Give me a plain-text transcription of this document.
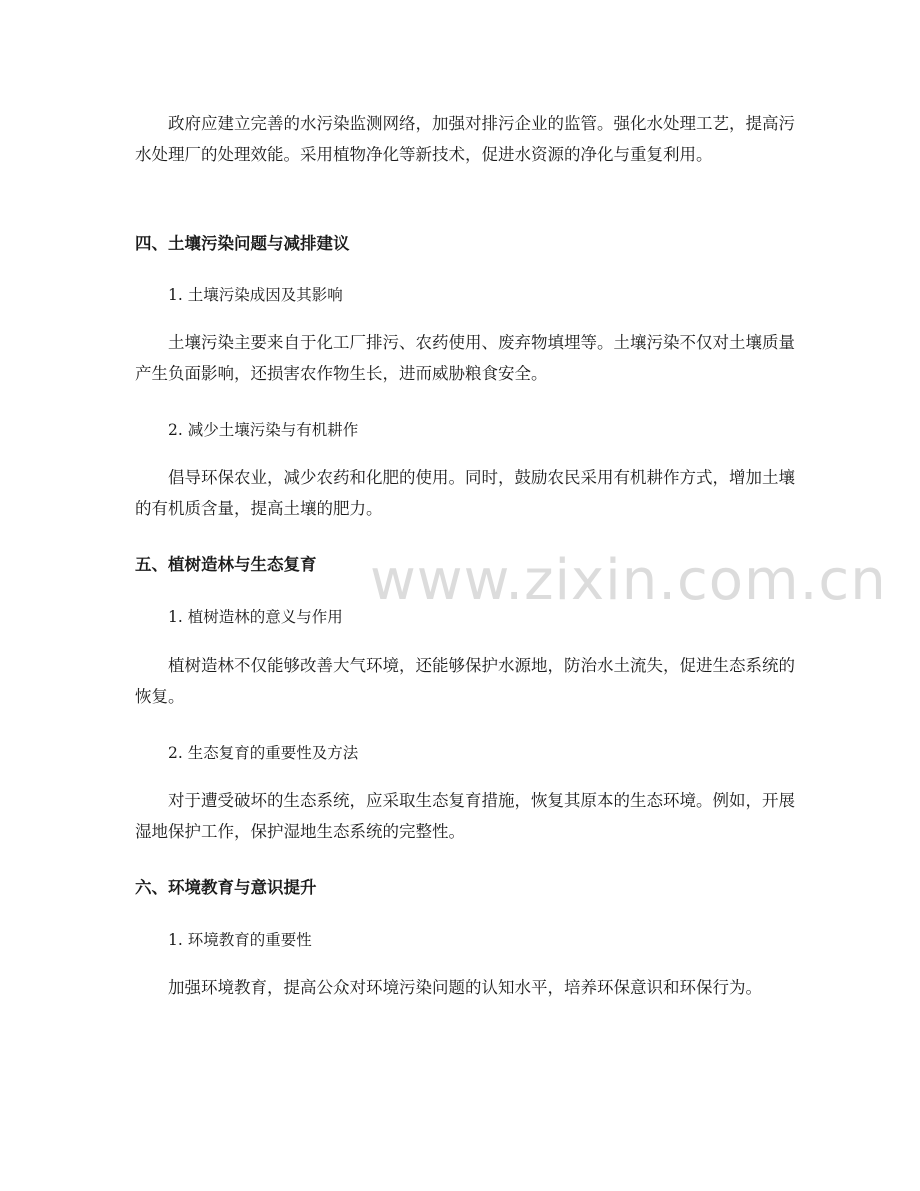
政府应建立完善的水污染监测网络，加强对排污企业的监管。强化水处理工艺，提高污水处理厂的处理效能。采用植物净化等新技术，促进水资源的净化与重复利用。

四、土壤污染问题与减排建议

1. 土壤污染成因及其影响

土壤污染主要来自于化工厂排污、农药使用、废弃物填埋等。土壤污染不仅对土壤质量产生负面影响，还损害农作物生长，进而威胁粮食安全。

2. 减少土壤污染与有机耕作

倡导环保农业，减少农药和化肥的使用。同时，鼓励农民采用有机耕作方式，增加土壤的有机质含量，提高土壤的肥力。

五、植树造林与生态复育

1. 植树造林的意义与作用

植树造林不仅能够改善大气环境，还能够保护水源地，防治水土流失，促进生态系统的恢复。

2. 生态复育的重要性及方法

对于遭受破坏的生态系统，应采取生态复育措施，恢复其原本的生态环境。例如，开展湿地保护工作，保护湿地生态系统的完整性。

六、环境教育与意识提升

1. 环境教育的重要性

加强环境教育，提高公众对环境污染问题的认知水平，培养环保意识和环保行为。

www.zixin.com.cn
